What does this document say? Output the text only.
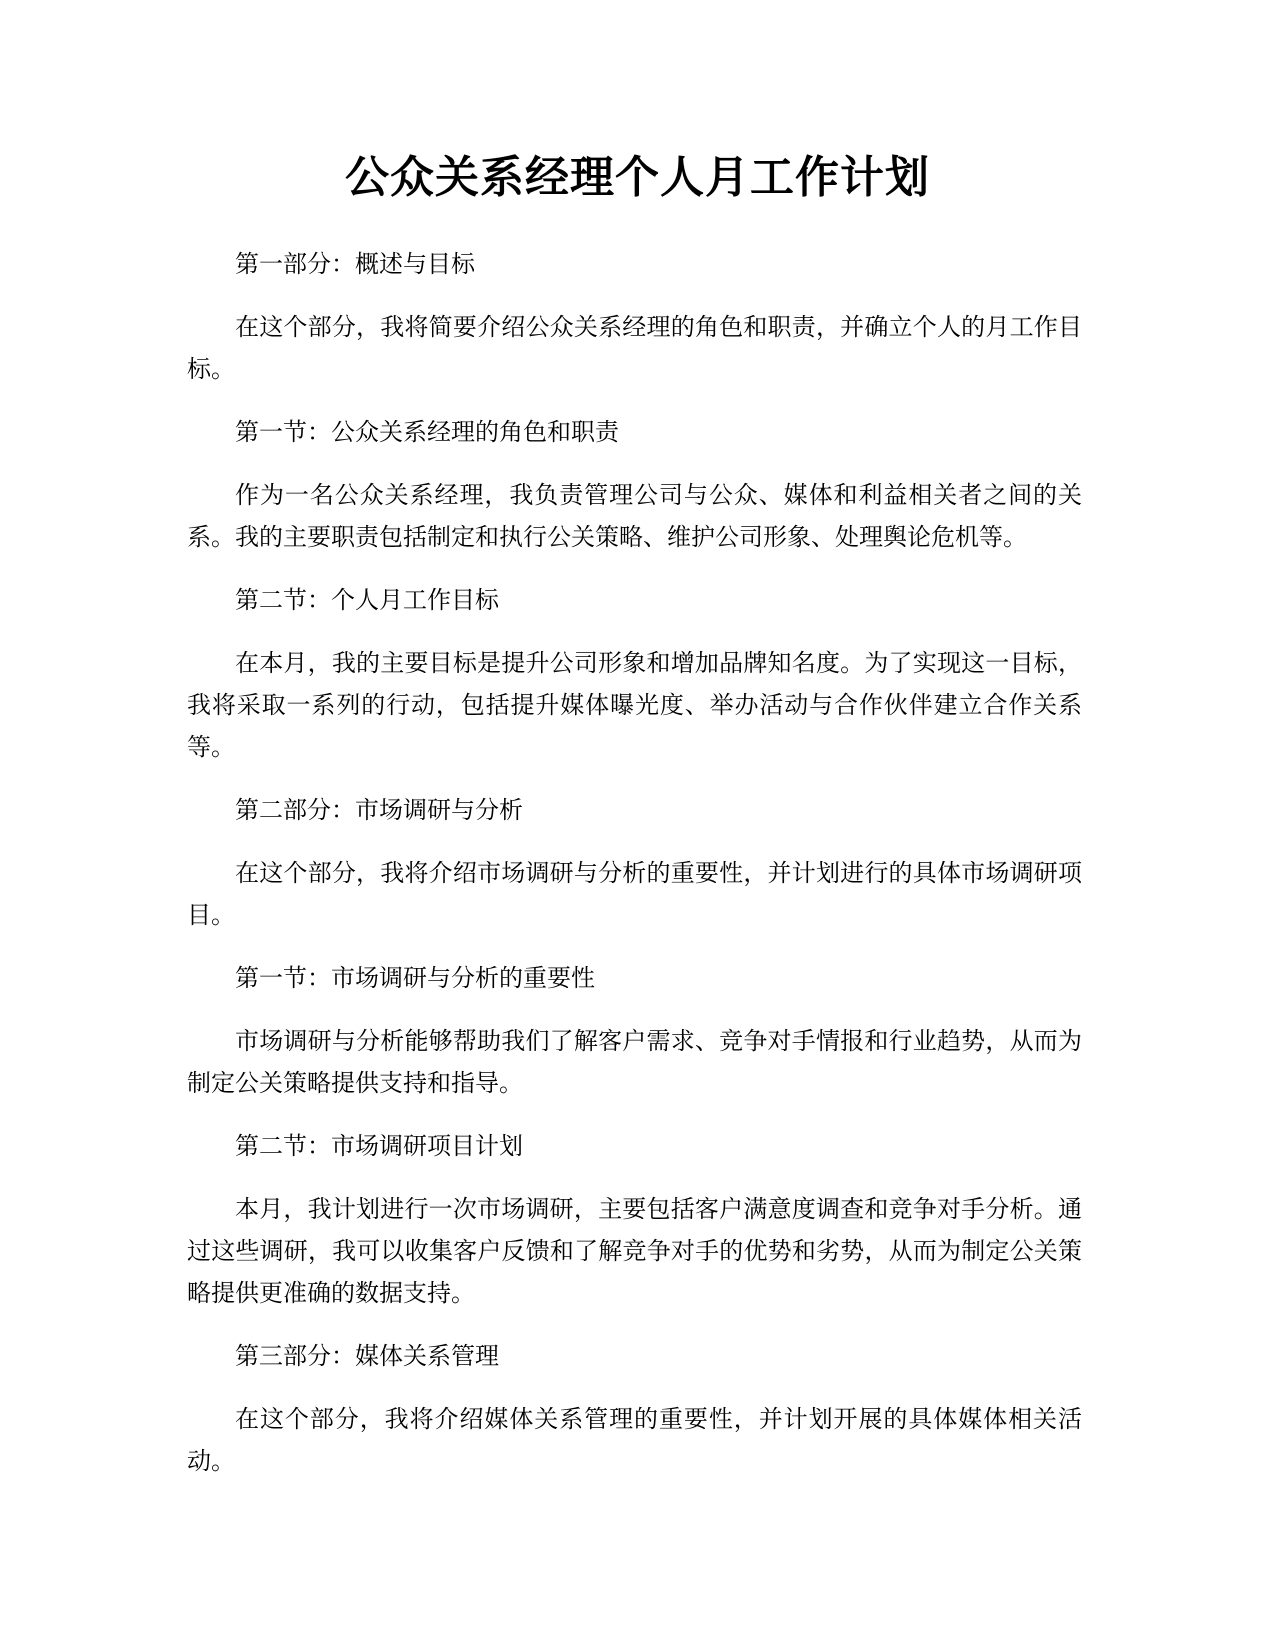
公众关系经理个人月工作计划

第一部分：概述与目标

在这个部分，我将简要介绍公众关系经理的角色和职责，并确立个人的月工作目标。

第一节：公众关系经理的角色和职责

作为一名公众关系经理，我负责管理公司与公众、媒体和利益相关者之间的关系。我的主要职责包括制定和执行公关策略、维护公司形象、处理舆论危机等。

第二节：个人月工作目标

在本月，我的主要目标是提升公司形象和增加品牌知名度。为了实现这一目标，我将采取一系列的行动，包括提升媒体曝光度、举办活动与合作伙伴建立合作关系等。

第二部分：市场调研与分析

在这个部分，我将介绍市场调研与分析的重要性，并计划进行的具体市场调研项目。

第一节：市场调研与分析的重要性

市场调研与分析能够帮助我们了解客户需求、竞争对手情报和行业趋势，从而为制定公关策略提供支持和指导。

第二节：市场调研项目计划

本月，我计划进行一次市场调研，主要包括客户满意度调查和竞争对手分析。通过这些调研，我可以收集客户反馈和了解竞争对手的优势和劣势，从而为制定公关策略提供更准确的数据支持。

第三部分：媒体关系管理

在这个部分，我将介绍媒体关系管理的重要性，并计划开展的具体媒体相关活动。
